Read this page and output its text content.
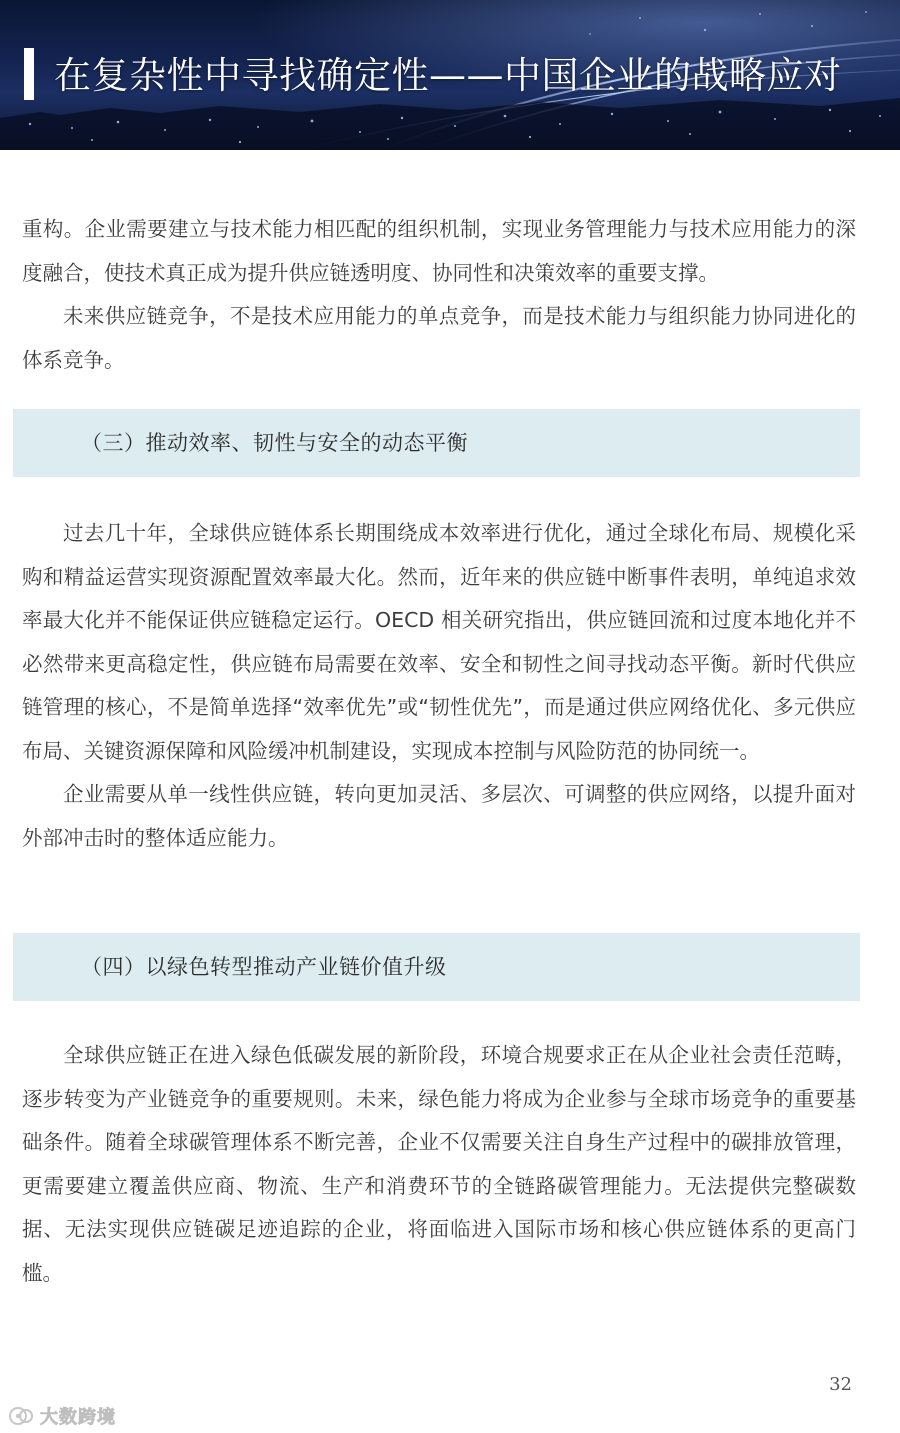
在复杂性中寻找确定性——中国企业的战略应对

重构。企业需要建立与技术能力相匹配的组织机制，实现业务管理能力与技术应用能力的深度融合，使技术真正成为提升供应链透明度、协同性和决策效率的重要支撑。

未来供应链竞争，不是技术应用能力的单点竞争，而是技术能力与组织能力协同进化的体系竞争。

（三）推动效率、韧性与安全的动态平衡

过去几十年，全球供应链体系长期围绕成本效率进行优化，通过全球化布局、规模化采购和精益运营实现资源配置效率最大化。然而，近年来的供应链中断事件表明，单纯追求效率最大化并不能保证供应链稳定运行。OECD 相关研究指出，供应链回流和过度本地化并不必然带来更高稳定性，供应链布局需要在效率、安全和韧性之间寻找动态平衡。新时代供应链管理的核心，不是简单选择“效率优先”或“韧性优先”，而是通过供应网络优化、多元供应布局、关键资源保障和风险缓冲机制建设，实现成本控制与风险防范的协同统一。

企业需要从单一线性供应链，转向更加灵活、多层次、可调整的供应网络，以提升面对外部冲击时的整体适应能力。

（四）以绿色转型推动产业链价值升级

全球供应链正在进入绿色低碳发展的新阶段，环境合规要求正在从企业社会责任范畴，逐步转变为产业链竞争的重要规则。未来，绿色能力将成为企业参与全球市场竞争的重要基础条件。随着全球碳管理体系不断完善，企业不仅需要关注自身生产过程中的碳排放管理，更需要建立覆盖供应商、物流、生产和消费环节的全链路碳管理能力。无法提供完整碳数据、无法实现供应链碳足迹追踪的企业，将面临进入国际市场和核心供应链体系的更高门槛。

32
大数跨境
